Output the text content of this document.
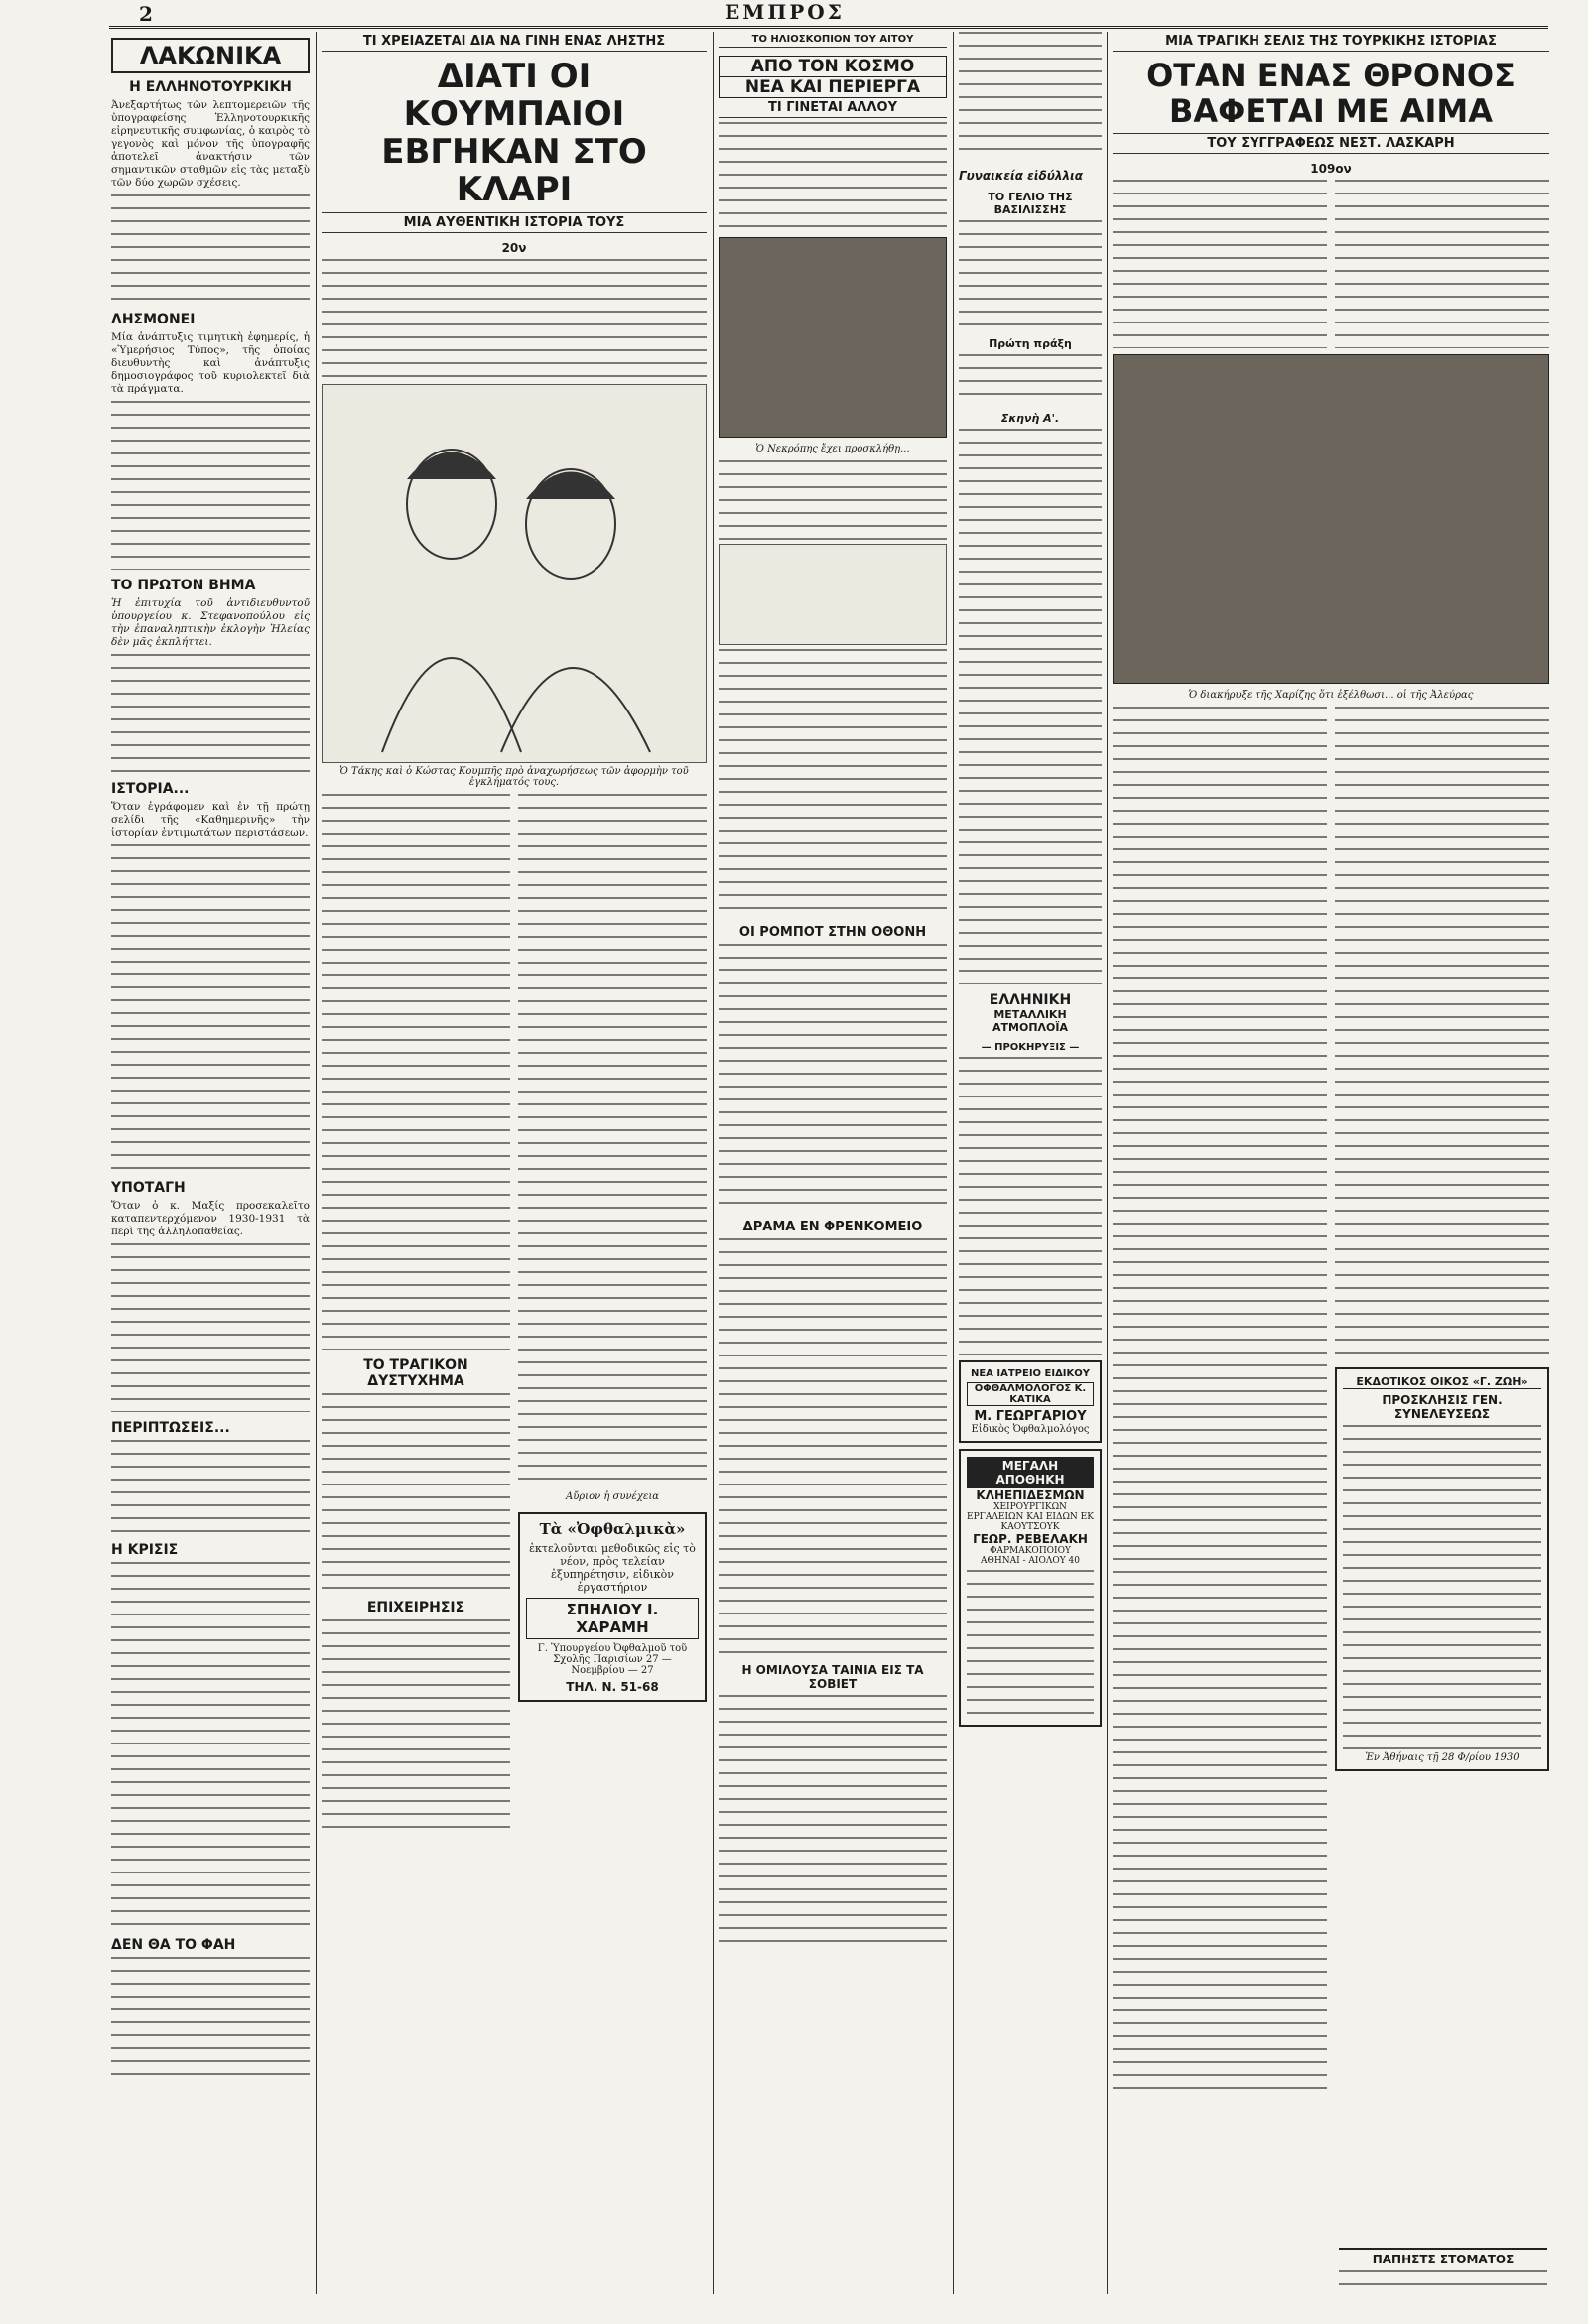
2	ΕΜΠΡΟΣ
ΛΑΚΩΝΙΚΑ
Η ΕΛΛΗΝΟΤΟΥΡΚΙΚΗ

Ἀνεξαρτήτως τῶν λεπτομερειῶν τῆς ὑπογραφείσης Ἑλληνοτουρκικῆς εἰρηνευτικῆς συμφωνίας, ὁ καιρὸς τὸ γεγονὸς καὶ μόνον τῆς ὑπογραφῆς ἀποτελεῖ ἀνακτήσιν τῶν σημαντικῶν σταθμῶν εἰς τὰς μεταξὺ τῶν δύο χωρῶν σχέσεις.

ΛΗΣΜΟΝΕΙ

Μία ἀνάπτυξις τιμητικὴ ἐφημερίς, ἡ «Ὑμερήσιος Τύπος», τῆς ὁποίας διευθυντὴς καὶ ἀνάπτυξις δημοσιογράφος τοῦ κυριολεκτεῖ διὰ τὰ πράγματα.

ΤΟ ΠΡΩΤΟΝ ΒΗΜΑ

Ἡ ἐπιτυχία τοῦ ἀντιδιευθυντοῦ ὑπουργείου κ. Στεφανοπούλου εἰς τὴν ἐπαναληπτικὴν ἐκλογὴν Ἠλείας δὲν μᾶς ἐκπλήττει.

ΙΣΤΟΡΙΑ...

Ὅταν ἐγράφομεν καὶ ἐν τῇ πρώτῃ σελίδι τῆς «Καθημερινῆς» τὴν ἱστορίαν ἐντιμωτάτων περιστάσεων.

ΥΠΟΤΑΓΗ

Ὅταν ὁ κ. Μαξίς προσεκαλεῖτο καταπεντερχόμενον 1930-1931 τὰ περὶ τῆς ἀλληλοπαθείας.

ΠΕΡΙΠΤΩΣΕΙΣ...
Η ΚΡΙΣΙΣ
ΔΕΝ ΘΑ ΤΟ ΦΑΗ
ΤΙ ΧΡΕΙΑΖΕΤΑΙ ΔΙΑ ΝΑ ΓΙΝΗ ΕΝΑΣ ΛΗΣΤΗΣ
ΔΙΑΤΙ ΟΙ ΚΟΥΜΠΑΙΟΙ
ΕΒΓΗΚΑΝ ΣΤΟ ΚΛΑΡΙ
ΜΙΑ ΑΥΘΕΝΤΙΚΗ ΙΣΤΟΡΙΑ ΤΟΥΣ
20ν
Ὁ Τάκης καὶ ὁ Κώστας Κουμπῆς πρὸ ἀναχωρήσεως τῶν ἀφορμὴν τοῦ ἐγκλήματός τους.
ΤΟ ΤΡΑΓΙΚΟΝ ΔΥΣΤΥΧΗΜΑ
ΕΠΙΧΕΙΡΗΣΙΣ
Αὔριον ἡ συνέχεια
Τὰ «Ὀφθαλμικὰ»
ἐκτελοῦνται μεθοδικῶς εἰς τὸ νέον, πρὸς τελείαν ἐξυπηρέτησιν, εἰδικὸν ἐργαστήριον
ΣΠΗΛΙΟΥ Ι. ΧΑΡΑΜΗ
Γ. Ὑπουργείου Ὀφθαλμοῦ τοῦ Σχολῆς Παρισίων 27 — Νοεμβρίου — 27
ΤΗΛ. Ν. 51-68
ΤΟ ΗΛΙΟΣΚΟΠΙΟΝ ΤΟΥ ΑΙΤΟΥ
ΑΠΟ ΤΟΝ ΚΟΣΜΟ
ΝΕΑ ΚΑΙ ΠΕΡΙΕΡΓΑ
ΤΙ ΓΙΝΕΤΑΙ ΑΛΛΟΥ
Ὁ Νεκρόπης ἔχει προσκλήθῃ...
ΟΙ ΡΟΜΠΟΤ ΣΤΗΝ ΟΘΟΝΗ
ΔΡΑΜΑ ΕΝ ΦΡΕΝΚΟΜΕΙΟ
Η ΟΜΙΛΟΥΣΑ ΤΑΙΝΙΑ ΕΙΣ ΤΑ ΣΟΒΙΕΤ
Γυναικεία εἰδύλλια
ΤΟ ΓΕΛΙΟ ΤΗΣ ΒΑΣΙΛΙΣΣΗΣ
Πρώτη πράξη
Σκηνὴ Α'.
ΕΛΛΗΝΙΚΗ
ΜΕΤΑΛΛΙΚΗ ΑΤΜΟΠΛΟΪΑ
— ΠΡΟΚΗΡΥΞΙΣ —
ΝΕΑ ΙΑΤΡΕΙΟ ΕΙΔΙΚΟΥ
ΟΦΘΑΛΜΟΛΟΓΟΣ Κ. ΚΑΤΙΚΑ
Μ. ΓΕΩΡΓΑΡΙΟΥ
Εἰδικὸς Ὀφθαλμολόγος
ΜΕΓΑΛΗ ΑΠΟΘΗΚΗ
ΚΛΗΕΠΙΔΕΣΜΩΝ
ΧΕΙΡΟΥΡΓΙΚΩΝ ΕΡΓΑΛΕΙΩΝ ΚΑΙ ΕΙΔΩΝ ΕΚ ΚΑΟΥΤΣΟΥΚ
ΓΕΩΡ. ΡΕΒΕΛΑΚΗ
ΦΑΡΜΑΚΟΠΟΙΟΥ
ΑΘΗΝΑΙ - ΑΙΟΛΟΥ 40
ΜΙΑ ΤΡΑΓΙΚΗ ΣΕΛΙΣ ΤΗΣ ΤΟΥΡΚΙΚΗΣ ΙΣΤΟΡΙΑΣ
ΟΤΑΝ ΕΝΑΣ ΘΡΟΝΟΣ
ΒΑΦΕΤΑΙ ΜΕ ΑΙΜΑ
ΤΟΥ ΣΥΓΓΡΑΦΕΩΣ ΝΕΣΤ. ΛΑΣΚΑΡΗ
109ον
Ὁ διακήρυξε τῆς Χαρίζης ὅτι ἐξέλθωσι... οἱ τῆς Ἀλεύρας
ΕΚΔΟΤΙΚΟΣ ΟΙΚΟΣ «Γ. ΖΩΗ»
ΠΡΟΣΚΛΗΣΙΣ ΓΕΝ. ΣΥΝΕΛΕΥΣΕΩΣ
Ἐν Ἀθήναις τῇ 28 Φ/ρίου 1930
ΠΑΠΗΣΤΣ ΣΤΟΜΑΤΟΣ
